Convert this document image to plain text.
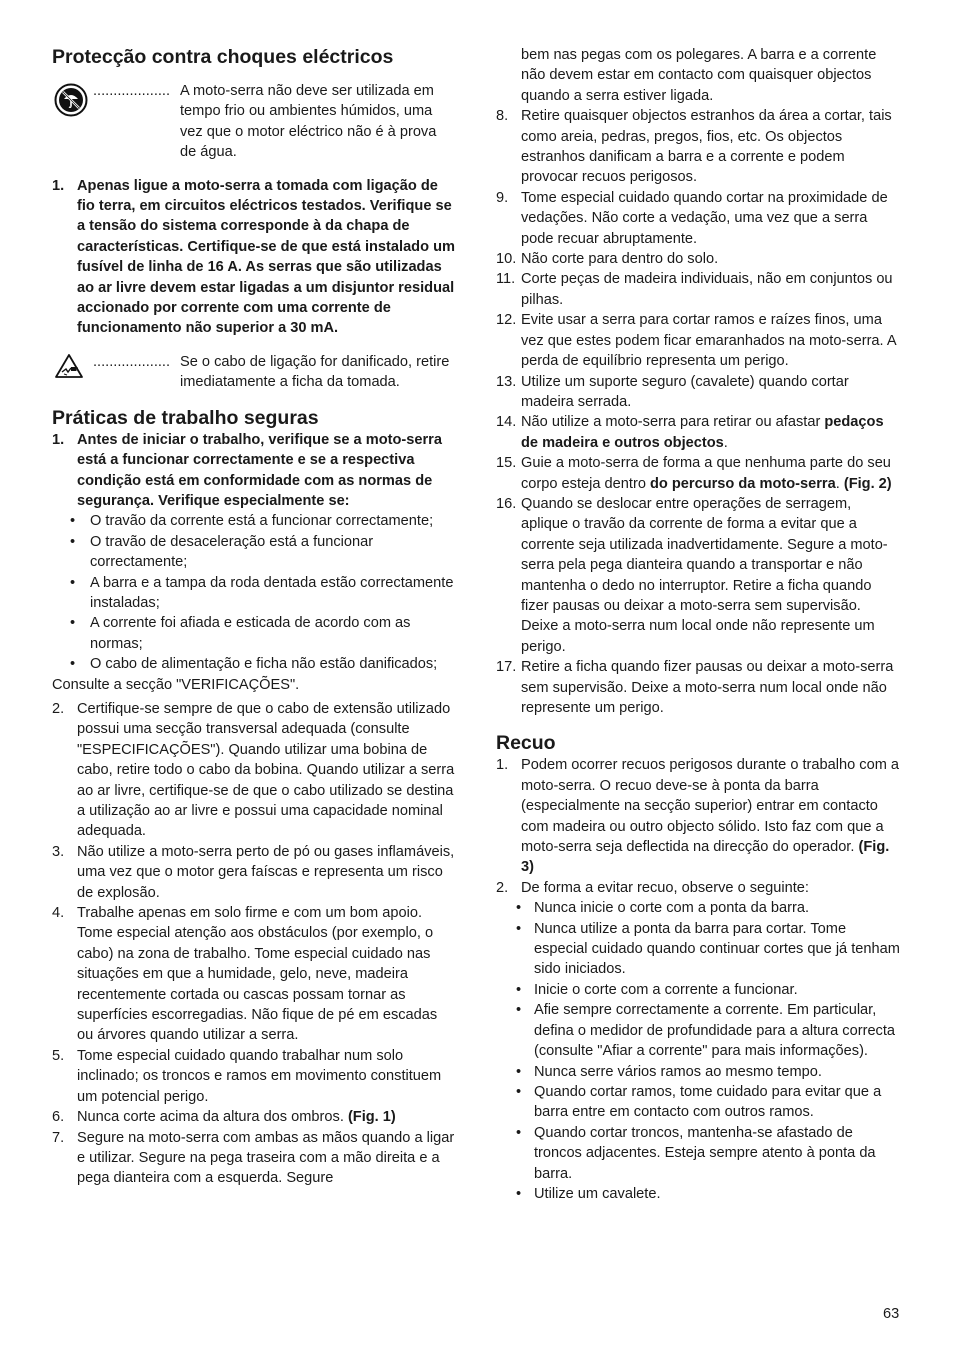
Protecção contra choques eléctricos
................... A moto-serra não deve ser utilizada em tempo frio ou ambientes húmidos, uma vez que o motor eléctrico não é à prova de água.
1. Apenas ligue a moto-serra a tomada com ligação de fio terra, em circuitos eléctricos testados. Verifique se a tensão do sistema corresponde à da chapa de características. Certifique-se de que está instalado um fusível de linha de 16 A. As serras que são utilizadas ao ar livre devem estar ligadas a um disjuntor residual accionado por corrente com uma corrente de funcionamento não superior a 30 mA.
................... Se o cabo de ligação for danificado, retire imediatamente a ficha da tomada.
Práticas de trabalho seguras
1. Antes de iniciar o trabalho, verifique se a moto-serra está a funcionar correctamente e se a respectiva condição está em conformidade com as normas de segurança. Verifique especialmente se:
• O travão da corrente está a funcionar correctamente;
• O travão de desaceleração está a funcionar correctamente;
• A barra e a tampa da roda dentada estão correctamente instaladas;
• A corrente foi afiada e esticada de acordo com as normas;
• O cabo de alimentação e ficha não estão danificados;
Consulte a secção "VERIFICAÇÕES".
2. Certifique-se sempre de que o cabo de extensão utilizado possui uma secção transversal adequada (consulte "ESPECIFICAÇÕES"). Quando utilizar uma bobina de cabo, retire todo o cabo da bobina. Quando utilizar a serra ao ar livre, certifique-se de que o cabo utilizado se destina a utilização ao ar livre e possui uma capacidade nominal adequada.
3. Não utilize a moto-serra perto de pó ou gases inflamáveis, uma vez que o motor gera faíscas e representa um risco de explosão.
4. Trabalhe apenas em solo firme e com um bom apoio. Tome especial atenção aos obstáculos (por exemplo, o cabo) na zona de trabalho. Tome especial cuidado nas situações em que a humidade, gelo, neve, madeira recentemente cortada ou cascas possam tornar as superfícies escorregadias. Não fique de pé em escadas ou árvores quando utilizar a serra.
5. Tome especial cuidado quando trabalhar num solo inclinado; os troncos e ramos em movimento constituem um potencial perigo.
6. Nunca corte acima da altura dos ombros. (Fig. 1)
7. Segure na moto-serra com ambas as mãos quando a ligar e utilizar. Segure na pega traseira com a mão direita e a pega dianteira com a esquerda. Segure
bem nas pegas com os polegares. A barra e a corrente não devem estar em contacto com quaisquer objectos quando a serra estiver ligada.
8. Retire quaisquer objectos estranhos da área a cortar, tais como areia, pedras, pregos, fios, etc. Os objectos estranhos danificam a barra e a corrente e podem provocar recuos perigosos.
9. Tome especial cuidado quando cortar na proximidade de vedações. Não corte a vedação, uma vez que a serra pode recuar abruptamente.
10. Não corte para dentro do solo.
11. Corte peças de madeira individuais, não em conjuntos ou pilhas.
12. Evite usar a serra para cortar ramos e raízes finos, uma vez que estes podem ficar emaranhados na moto-serra. A perda de equilíbrio representa um perigo.
13. Utilize um suporte seguro (cavalete) quando cortar madeira serrada.
14. Não utilize a moto-serra para retirar ou afastar pedaços de madeira e outros objectos.
15. Guie a moto-serra de forma a que nenhuma parte do seu corpo esteja dentro do percurso da moto-serra. (Fig. 2)
16. Quando se deslocar entre operações de serragem, aplique o travão da corrente de forma a evitar que a corrente seja utilizada inadvertidamente. Segure a moto-serra pela pega dianteira quando a transportar e não mantenha o dedo no interruptor. Retire a ficha quando fizer pausas ou deixar a moto-serra sem supervisão. Deixe a moto-serra num local onde não represente um perigo.
17. Retire a ficha quando fizer pausas ou deixar a moto-serra sem supervisão. Deixe a moto-serra num local onde não represente um perigo.
Recuo
1. Podem ocorrer recuos perigosos durante o trabalho com a moto-serra. O recuo deve-se à ponta da barra (especialmente na secção superior) entrar em contacto com madeira ou outro objecto sólido. Isto faz com que a moto-serra seja deflectida na direcção do operador. (Fig. 3)
2. De forma a evitar recuo, observe o seguinte:
• Nunca inicie o corte com a ponta da barra.
• Nunca utilize a ponta da barra para cortar. Tome especial cuidado quando continuar cortes que já tenham sido iniciados.
• Inicie o corte com a corrente a funcionar.
• Afie sempre correctamente a corrente. Em particular, defina o medidor de profundidade para a altura correcta (consulte "Afiar a corrente" para mais informações).
• Nunca serre vários ramos ao mesmo tempo.
• Quando cortar ramos, tome cuidado para evitar que a barra entre em contacto com outros ramos.
• Quando cortar troncos, mantenha-se afastado de troncos adjacentes. Esteja sempre atento à ponta da barra.
• Utilize um cavalete.
63
